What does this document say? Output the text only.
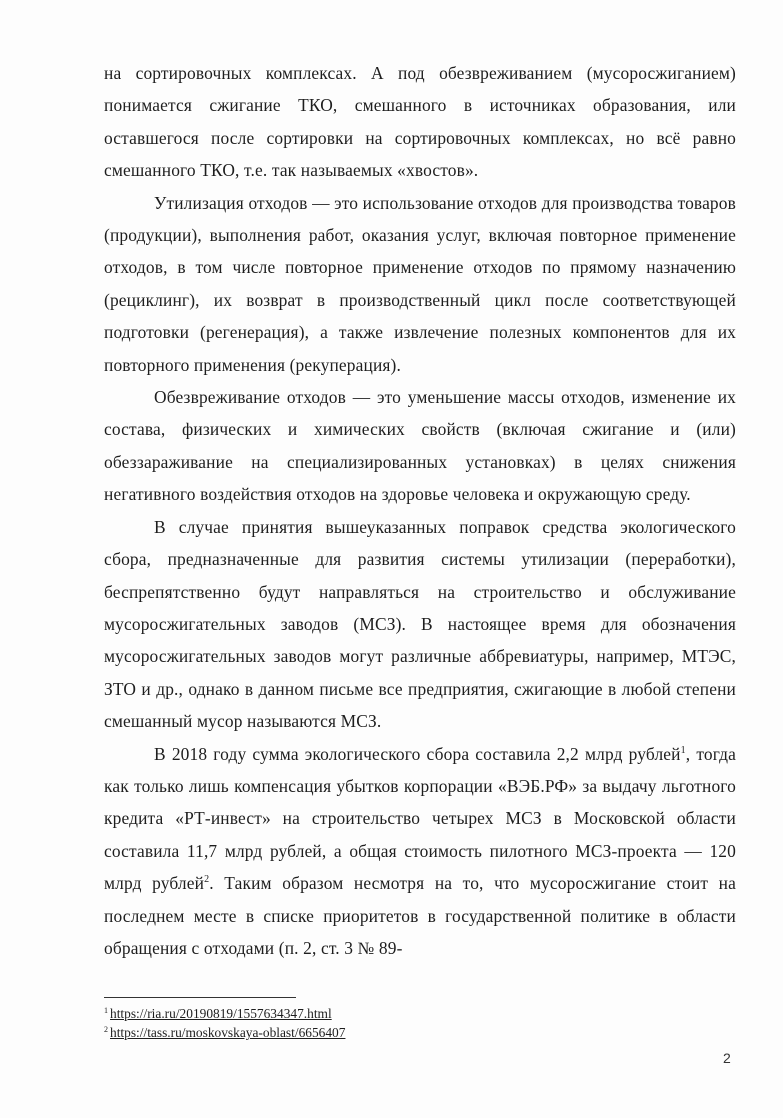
на сортировочных комплексах. А под обезвреживанием (мусоросжиганием) понимается сжигание ТКО, смешанного в источниках образования, или оставшегося после сортировки на сортировочных комплексах, но всё равно смешанного ТКО, т.е. так называемых «хвостов».

Утилизация отходов — это использование отходов для производства товаров (продукции), выполнения работ, оказания услуг, включая повторное применение отходов, в том числе повторное применение отходов по прямому назначению (рециклинг), их возврат в производственный цикл после соответствующей подготовки (регенерация), а также извлечение полезных компонентов для их повторного применения (рекуперация).

Обезвреживание отходов — это уменьшение массы отходов, изменение их состава, физических и химических свойств (включая сжигание и (или) обеззараживание на специализированных установках) в целях снижения негативного воздействия отходов на здоровье человека и окружающую среду.

В случае принятия вышеуказанных поправок средства экологического сбора, предназначенные для развития системы утилизации (переработки), беспрепятственно будут направляться на строительство и обслуживание мусоросжигательных заводов (МСЗ). В настоящее время для обозначения мусоросжигательных заводов могут различные аббревиатуры, например, МТЭС, ЗТО и др., однако в данном письме все предприятия, сжигающие в любой степени смешанный мусор называются МСЗ.

В 2018 году сумма экологического сбора составила 2,2 млрд рублей$^1$, тогда как только лишь компенсация убытков корпорации «ВЭБ.РФ» за выдачу льготного кредита «РТ-инвест» на строительство четырех МСЗ в Московской области составила 11,7 млрд рублей, а общая стоимость пилотного МСЗ-проекта — 120 млрд рублей$^2$. Таким образом несмотря на то, что мусоросжигание стоит на последнем месте в списке приоритетов в государственной политике в области обращения с отходами (п. 2, ст. 3 № 89-

$^1$ https://ria.ru/20190819/1557634347.html
$^2$ https://tass.ru/moskovskaya-oblast/6656407
2
